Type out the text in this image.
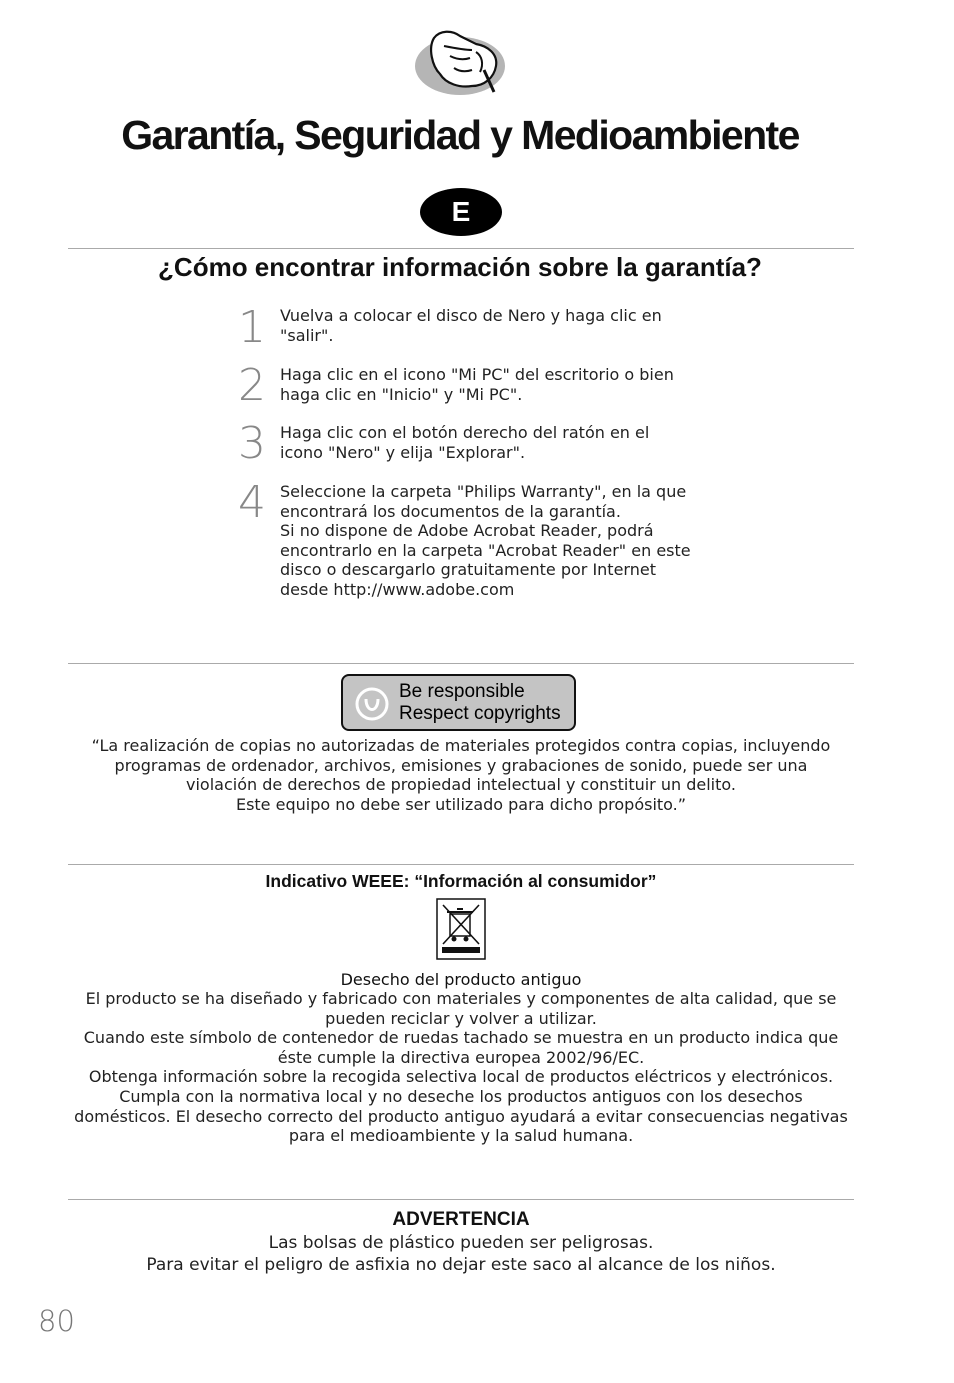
Garantía, Seguridad y Medioambiente
E
¿Cómo encontrar información sobre la garantía?
1 Vuelva a colocar el disco de Nero y haga clic en
"salir".
2 Haga clic en el icono "Mi PC" del escritorio o bien
haga clic en "Inicio" y "Mi PC".
3 Haga clic con el botón derecho del ratón en el
icono "Nero" y elija "Explorar".
4 Seleccione la carpeta "Philips Warranty", en la que
encontrará los documentos de la garantía.
Si no dispone de Adobe Acrobat Reader, podrá
encontrarlo en la carpeta "Acrobat Reader" en este
disco o descargarlo gratuitamente por Internet
desde http://www.adobe.com
Be responsible
Respect copyrights
“La realización de copias no autorizadas de materiales protegidos contra copias, incluyendo
programas de ordenador, archivos, emisiones y grabaciones de sonido, puede ser una
violación de derechos de propiedad intelectual y constituir un delito.
Este equipo no debe ser utilizado para dicho propósito.”
Indicativo WEEE: “Información al consumidor”
Desecho del producto antiguo
El producto se ha diseñado y fabricado con materiales y componentes de alta calidad, que se
pueden reciclar y volver a utilizar.
Cuando este símbolo de contenedor de ruedas tachado se muestra en un producto indica que
éste cumple la directiva europea 2002/96/EC.
Obtenga información sobre la recogida selectiva local de productos eléctricos y electrónicos.
Cumpla con la normativa local y no deseche los productos antiguos con los desechos
domésticos. El desecho correcto del producto antiguo ayudará a evitar consecuencias negativas
para el medioambiente y la salud humana.
ADVERTENCIA
Las bolsas de plástico pueden ser peligrosas.
Para evitar el peligro de asfixia no dejar este saco al alcance de los niños.
80
